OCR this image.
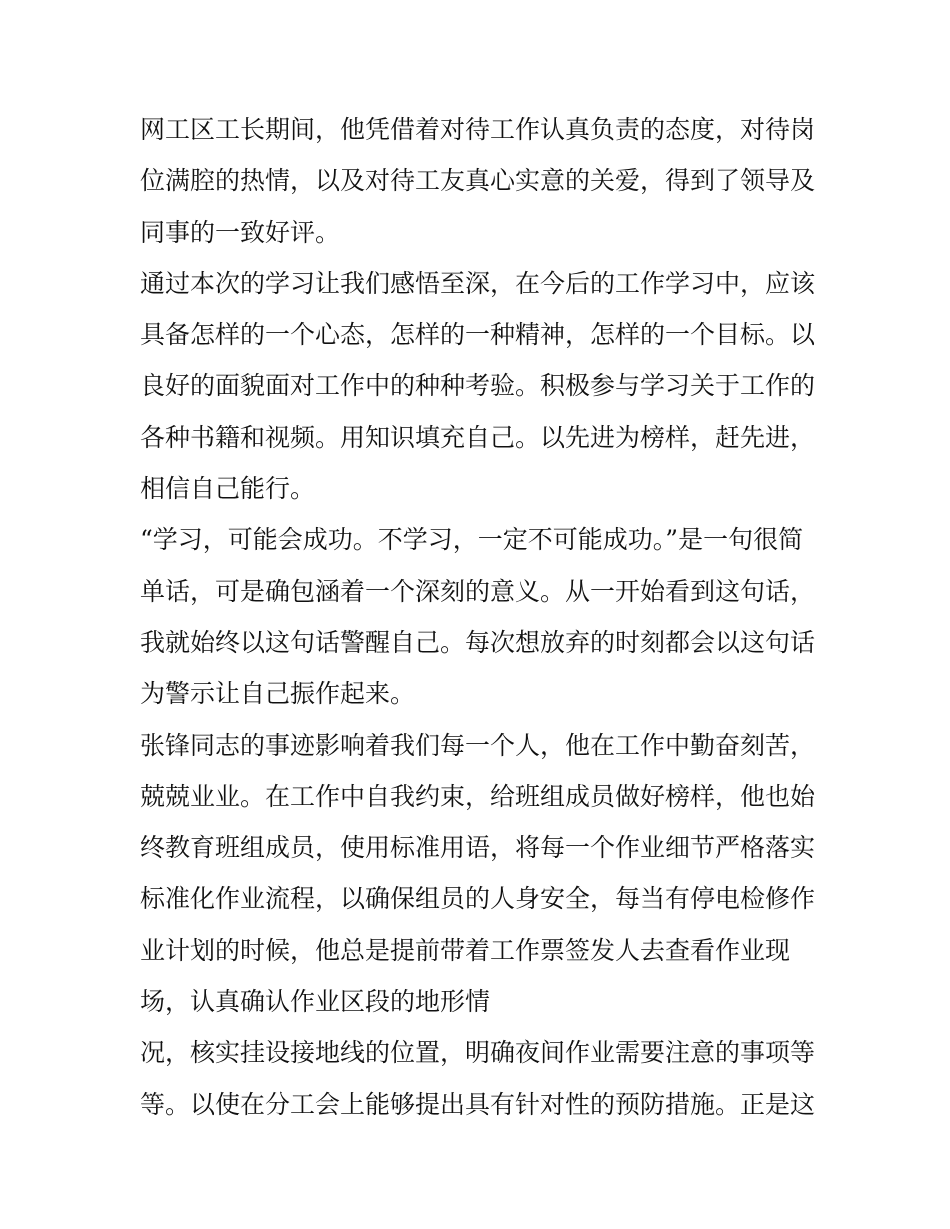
网工区工长期间，他凭借着对待工作认真负责的态度，对待岗
位满腔的热情，以及对待工友真心实意的关爱，得到了领导及
同事的一致好评。
通过本次的学习让我们感悟至深，在今后的工作学习中，应该
具备怎样的一个心态，怎样的一种精神，怎样的一个目标。以
良好的面貌面对工作中的种种考验。积极参与学习关于工作的
各种书籍和视频。用知识填充自己。以先进为榜样，赶先进，
相信自己能行。
“学习，可能会成功。不学习，一定不可能成功。”是一句很简
单话，可是确包涵着一个深刻的意义。从一开始看到这句话，
我就始终以这句话警醒自己。每次想放弃的时刻都会以这句话
为警示让自己振作起来。
张锋同志的事迹影响着我们每一个人，他在工作中勤奋刻苦，
兢兢业业。在工作中自我约束，给班组成员做好榜样，他也始
终教育班组成员，使用标准用语，将每一个作业细节严格落实
标准化作业流程，以确保组员的人身安全，每当有停电检修作
业计划的时候，他总是提前带着工作票签发人去查看作业现
场，认真确认作业区段的地形情
况，核实挂设接地线的位置，明确夜间作业需要注意的事项等
等。以使在分工会上能够提出具有针对性的预防措施。正是这
